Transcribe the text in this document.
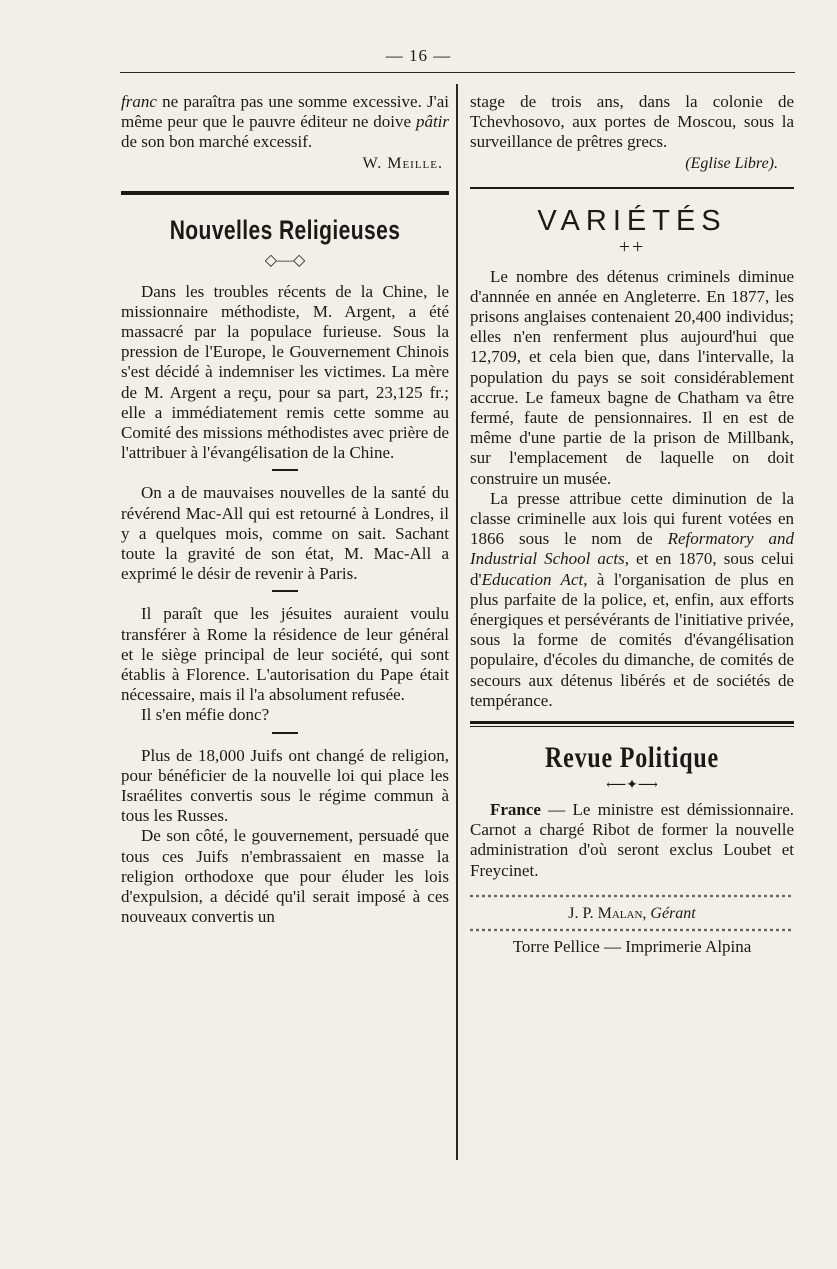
— 16 —

franc ne paraîtra pas une somme excessive. J'ai même peur que le pauvre éditeur ne doive pâtir de son bon marché excessif.

W. Meille.
Nouvelles Religieuses
◇—◇

Dans les troubles récents de la Chine, le missionnaire méthodiste, M. Argent, a été massacré par la populace furieuse. Sous la pression de l'Europe, le Gouvernement Chinois s'est décidé à indemniser les victimes. La mère de M. Argent a reçu, pour sa part, 23,125 fr.; elle a immédiatement remis cette somme au Comité des missions méthodistes avec prière de l'attribuer à l'évangélisation de la Chine.

On a de mauvaises nouvelles de la santé du révérend Mac-All qui est retourné à Londres, il y a quelques mois, comme on sait. Sachant toute la gravité de son état, M. Mac-All a exprimé le désir de revenir à Paris.

Il paraît que les jésuites auraient voulu transférer à Rome la résidence de leur général et le siège principal de leur société, qui sont établis à Florence. L'autorisation du Pape était nécessaire, mais il l'a absolument refusée.

Il s'en méfie donc?

Plus de 18,000 Juifs ont changé de religion, pour bénéficier de la nouvelle loi qui place les Israélites convertis sous le régime commun à tous les Russes.

De son côté, le gouvernement, persuadé que tous ces Juifs n'embrassaient en masse la religion orthodoxe que pour éluder les lois d'expulsion, a décidé qu'il serait imposé à ces nouveaux convertis un

stage de trois ans, dans la colonie de Tchevhosovo, aux portes de Moscou, sous la surveillance de prêtres grecs.

(Eglise Libre).
VARIÉTÉS
++

Le nombre des détenus criminels diminue d'annnée en année en Angleterre. En 1877, les prisons anglaises contenaient 20,400 individus; elles n'en renferment plus aujourd'hui que 12,709, et cela bien que, dans l'intervalle, la population du pays se soit considérablement accrue. Le fameux bagne de Chatham va être fermé, faute de pensionnaires. Il en est de même d'une partie de la prison de Millbank, sur l'emplacement de laquelle on doit construire un musée.

La presse attribue cette diminution de la classe criminelle aux lois qui furent votées en 1866 sous le nom de Reformatory and Industrial School acts, et en 1870, sous celui d'Education Act, à l'organisation de plus en plus parfaite de la police, et, enfin, aux efforts énergiques et persévérants de l'initiative privée, sous la forme de comités d'évangélisation populaire, d'écoles du dimanche, de comités de secours aux détenus libérés et de sociétés de tempérance.

Revue Politique
⟵✦⟶

France — Le ministre est démissionnaire. Carnot a chargé Ribot de former la nouvelle administration d'où seront exclus Loubet et Freycinet.

J. P. Malan, Gérant
Torre Pellice — Imprimerie Alpina
